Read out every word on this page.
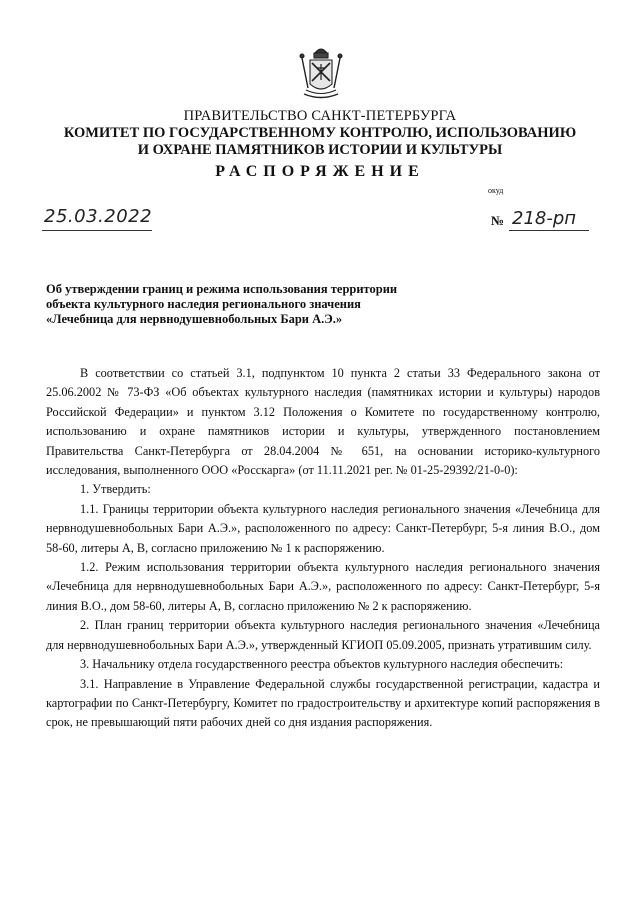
ПРАВИТЕЛЬСТВО САНКТ-ПЕТЕРБУРГА
КОМИТЕТ ПО ГОСУДАРСТВЕННОМУ КОНТРОЛЮ, ИСПОЛЬЗОВАНИЮ
И ОХРАНЕ ПАМЯТНИКОВ ИСТОРИИ И КУЛЬТУРЫ
РАСПОРЯЖЕНИЕ
окуд
25.03.2022	№ 218-рп
Об утверждении границ и режима использования территории
объекта культурного наследия регионального значения
«Лечебница для нервнодушевнобольных Бари А.Э.»

В соответствии со статьей 3.1, подпунктом 10 пункта 2 статьи 33 Федерального закона от 25.06.2002 № 73-ФЗ «Об объектах культурного наследия (памятниках истории и культуры) народов Российской Федерации» и пунктом 3.12 Положения о Комитете по государственному контролю, использованию и охране памятников истории и культуры, утвержденного постановлением Правительства Санкт-Петербурга от 28.04.2004 № 651, на основании историко-культурного исследования, выполненного ООО «Росскарга» (от 11.11.2021 рег. № 01-25-29392/21-0-0):

1. Утвердить:

1.1. Границы территории объекта культурного наследия регионального значения «Лечебница для нервнодушевнобольных Бари А.Э.», расположенного по адресу: Санкт-Петербург, 5-я линия В.О., дом 58-60, литеры А, В, согласно приложению № 1 к распоряжению.

1.2. Режим использования территории объекта культурного наследия регионального значения «Лечебница для нервнодушевнобольных Бари А.Э.», расположенного по адресу: Санкт-Петербург, 5-я линия В.О., дом 58-60, литеры А, В, согласно приложению № 2 к распоряжению.

2. План границ территории объекта культурного наследия регионального значения «Лечебница для нервнодушевнобольных Бари А.Э.», утвержденный КГИОП 05.09.2005, признать утратившим силу.

3. Начальнику отдела государственного реестра объектов культурного наследия обеспечить:

3.1. Направление в Управление Федеральной службы государственной регистрации, кадастра и картографии по Санкт-Петербургу, Комитет по градостроительству и архитектуре копий распоряжения в срок, не превышающий пяти рабочих дней со дня издания распоряжения.
